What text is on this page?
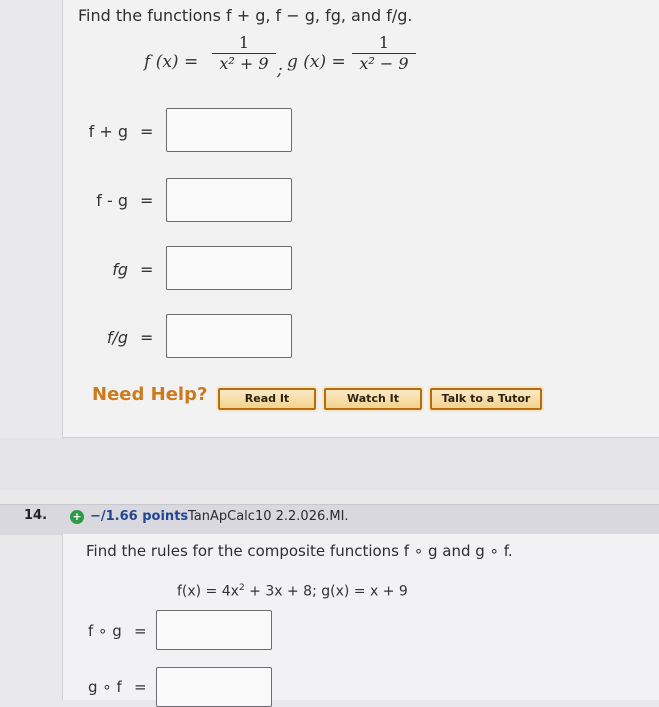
Find the functions f + g, f − g, fg, and f/g.
f (x) =
1
x² + 9 ; g (x) =
1
x² − 9
f + g =
f - g =
fg =
f/g =
Need Help?	Read It	Watch It	Talk to a Tutor
14. + −/1.66 points TanApCalc10 2.2.026.MI.
Find the rules for the composite functions f ∘ g and g ∘ f.
$f(x) = 4x^2 + 3x + 8$; g(x) = x + 9
f ∘ g =
g ∘ f =
